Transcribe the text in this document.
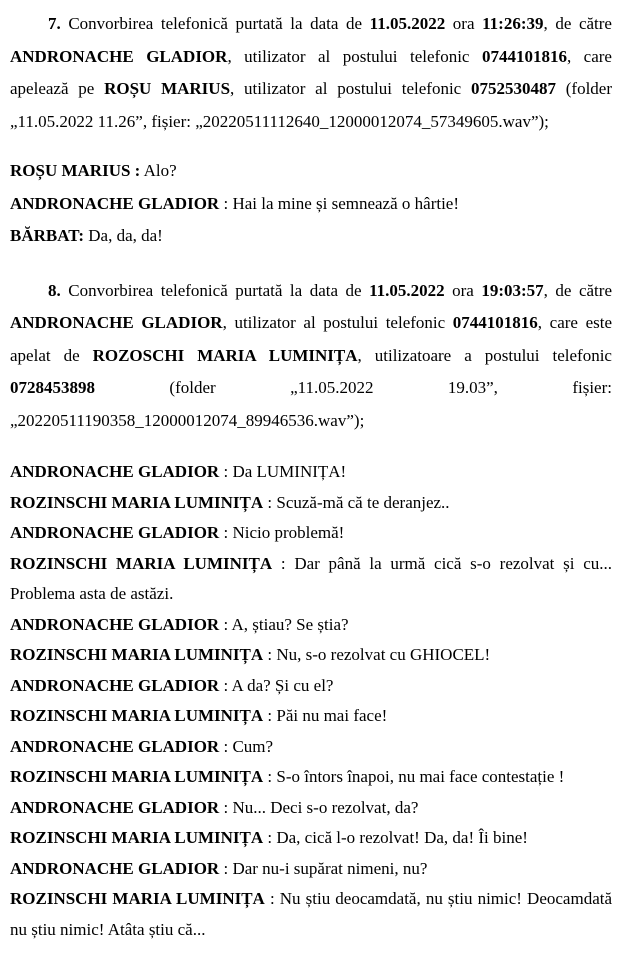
7. Convorbirea telefonică purtată la data de 11.05.2022 ora 11:26:39, de către ANDRONACHE GLADIOR, utilizator al postului telefonic 0744101816, care apelează pe ROȘU MARIUS, utilizator al postului telefonic 0752530487 (folder „11.05.2022 11.26”, fișier: „20220511112640_12000012074_57349605.wav”);

ROȘU MARIUS : Alo?

ANDRONACHE GLADIOR : Hai la mine și semnează o hârtie!

BĂRBAT: Da, da, da!

8. Convorbirea telefonică purtată la data de 11.05.2022 ora 19:03:57, de către ANDRONACHE GLADIOR, utilizator al postului telefonic 0744101816, care este apelat de ROZOSCHI MARIA LUMINIȚA, utilizatoare a postului telefonic 0728453898 (folder „11.05.2022 19.03”, fișier: „20220511190358_12000012074_89946536.wav”);

ANDRONACHE GLADIOR : Da LUMINIȚA!

ROZINSCHI MARIA LUMINIȚA : Scuză-mă că te deranjez..

ANDRONACHE GLADIOR : Nicio problemă!

ROZINSCHI MARIA LUMINIȚA : Dar până la urmă cică s-o rezolvat și cu... Problema asta de astăzi.

ANDRONACHE GLADIOR : A, știau? Se știa?

ROZINSCHI MARIA LUMINIȚA : Nu, s-o rezolvat cu GHIOCEL!

ANDRONACHE GLADIOR : A da? Și cu el?

ROZINSCHI MARIA LUMINIȚA : Păi nu mai face!

ANDRONACHE GLADIOR : Cum?

ROZINSCHI MARIA LUMINIȚA : S-o întors înapoi, nu mai face contestație !

ANDRONACHE GLADIOR : Nu... Deci s-o rezolvat, da?

ROZINSCHI MARIA LUMINIȚA : Da, cică l-o rezolvat! Da, da! Îi bine!

ANDRONACHE GLADIOR : Dar nu-i supărat nimeni, nu?

ROZINSCHI MARIA LUMINIȚA : Nu știu deocamdată, nu știu nimic! Deocamdată nu știu nimic! Atâta știu că...
